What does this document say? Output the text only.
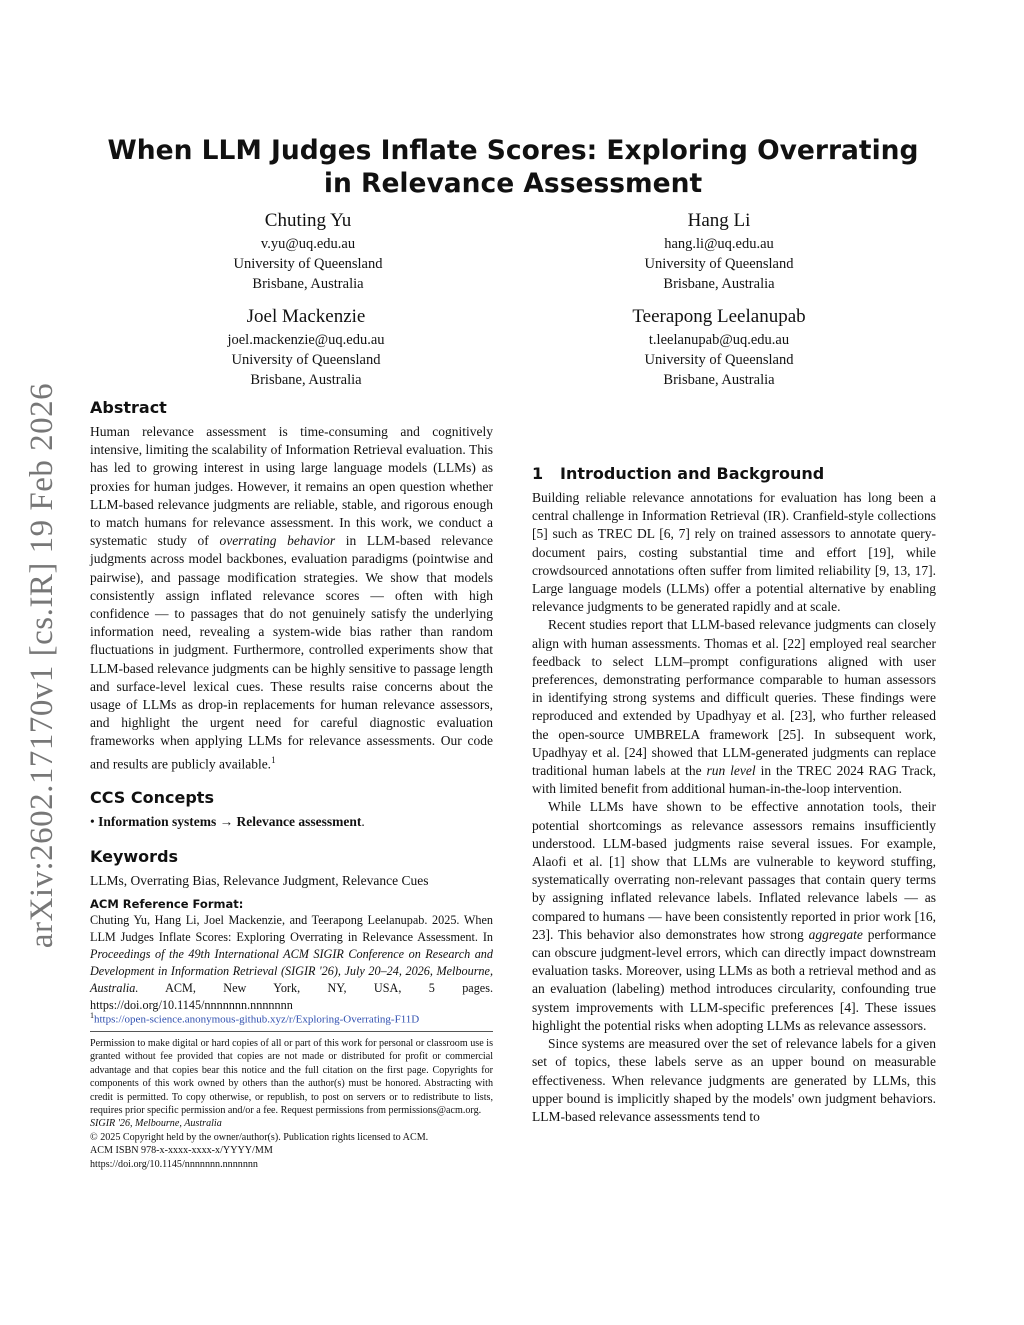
arXiv:2602.17170v1 [cs.IR] 19 Feb 2026
When LLM Judges Inflate Scores: Exploring Overrating in Relevance Assessment
Chuting Yu
v.yu@uq.edu.au
University of Queensland
Brisbane, Australia
Hang Li
hang.li@uq.edu.au
University of Queensland
Brisbane, Australia
Joel Mackenzie
joel.mackenzie@uq.edu.au
University of Queensland
Brisbane, Australia
Teerapong Leelanupab
t.leelanupab@uq.edu.au
University of Queensland
Brisbane, Australia
Abstract

Human relevance assessment is time-consuming and cognitively intensive, limiting the scalability of Information Retrieval evaluation. This has led to growing interest in using large language models (LLMs) as proxies for human judges. However, it remains an open question whether LLM-based relevance judgments are reliable, stable, and rigorous enough to match humans for relevance assessment. In this work, we conduct a systematic study of overrating behavior in LLM-based relevance judgments across model backbones, evaluation paradigms (pointwise and pairwise), and passage modification strategies. We show that models consistently assign inflated relevance scores — often with high confidence — to passages that do not genuinely satisfy the underlying information need, revealing a system-wide bias rather than random fluctuations in judgment. Furthermore, controlled experiments show that LLM-based relevance judgments can be highly sensitive to passage length and surface-level lexical cues. These results raise concerns about the usage of LLMs as drop-in replacements for human relevance assessors, and highlight the urgent need for careful diagnostic evaluation frameworks when applying LLMs for relevance assessments. Our code and results are publicly available.$^1$

CCS Concepts

• Information systems → Relevance assessment.

Keywords

LLMs, Overrating Bias, Relevance Judgment, Relevance Cues

ACM Reference Format:

Chuting Yu, Hang Li, Joel Mackenzie, and Teerapong Leelanupab. 2025. When LLM Judges Inflate Scores: Exploring Overrating in Relevance Assessment. In Proceedings of the 49th International ACM SIGIR Conference on Research and Development in Information Retrieval (SIGIR '26), July 20–24, 2026, Melbourne, Australia. ACM, New York, NY, USA, 5 pages. https://doi.org/10.1145/nnnnnnn.nnnnnnn

$^1$https://open-science.anonymous-github.xyz/r/Exploring-Overrating-F11D

Permission to make digital or hard copies of all or part of this work for personal or classroom use is granted without fee provided that copies are not made or distributed for profit or commercial advantage and that copies bear this notice and the full citation on the first page. Copyrights for components of this work owned by others than the author(s) must be honored. Abstracting with credit is permitted. To copy otherwise, or republish, to post on servers or to redistribute to lists, requires prior specific permission and/or a fee. Request permissions from permissions@acm.org.

SIGIR '26, Melbourne, Australia

© 2025 Copyright held by the owner/author(s). Publication rights licensed to ACM.

ACM ISBN 978-x-xxxx-xxxx-x/YYYY/MM

https://doi.org/10.1145/nnnnnnn.nnnnnnn

1 Introduction and Background

Building reliable relevance annotations for evaluation has long been a central challenge in Information Retrieval (IR). Cranfield-style collections [5] such as TREC DL [6, 7] rely on trained assessors to annotate query-document pairs, costing substantial time and effort [19], while crowdsourced annotations often suffer from limited reliability [9, 13, 17]. Large language models (LLMs) offer a potential alternative by enabling relevance judgments to be generated rapidly and at scale.

Recent studies report that LLM-based relevance judgments can closely align with human assessments. Thomas et al. [22] employed real searcher feedback to select LLM–prompt configurations aligned with user preferences, demonstrating performance comparable to human assessors in identifying strong systems and difficult queries. These findings were reproduced and extended by Upadhyay et al. [23], who further released the open-source UMBRELA framework [25]. In subsequent work, Upadhyay et al. [24] showed that LLM-generated judgments can replace traditional human labels at the run level in the TREC 2024 RAG Track, with limited benefit from additional human-in-the-loop intervention.

While LLMs have shown to be effective annotation tools, their potential shortcomings as relevance assessors remains insufficiently understood. LLM-based judgments raise several issues. For example, Alaofi et al. [1] show that LLMs are vulnerable to keyword stuffing, systematically overrating non-relevant passages that contain query terms by assigning inflated relevance labels. Inflated relevance labels — as compared to humans — have been consistently reported in prior work [16, 23]. This behavior also demonstrates how strong aggregate performance can obscure judgment-level errors, which can directly impact downstream evaluation tasks. Moreover, using LLMs as both a retrieval method and as an evaluation (labeling) method introduces circularity, confounding true system improvements with LLM-specific preferences [4]. These issues highlight the potential risks when adopting LLMs as relevance assessors.

Since systems are measured over the set of relevance labels for a given set of topics, these labels serve as an upper bound on measurable effectiveness. When relevance judgments are generated by LLMs, this upper bound is implicitly shaped by the models' own judgment behaviors. LLM-based relevance assessments tend to
